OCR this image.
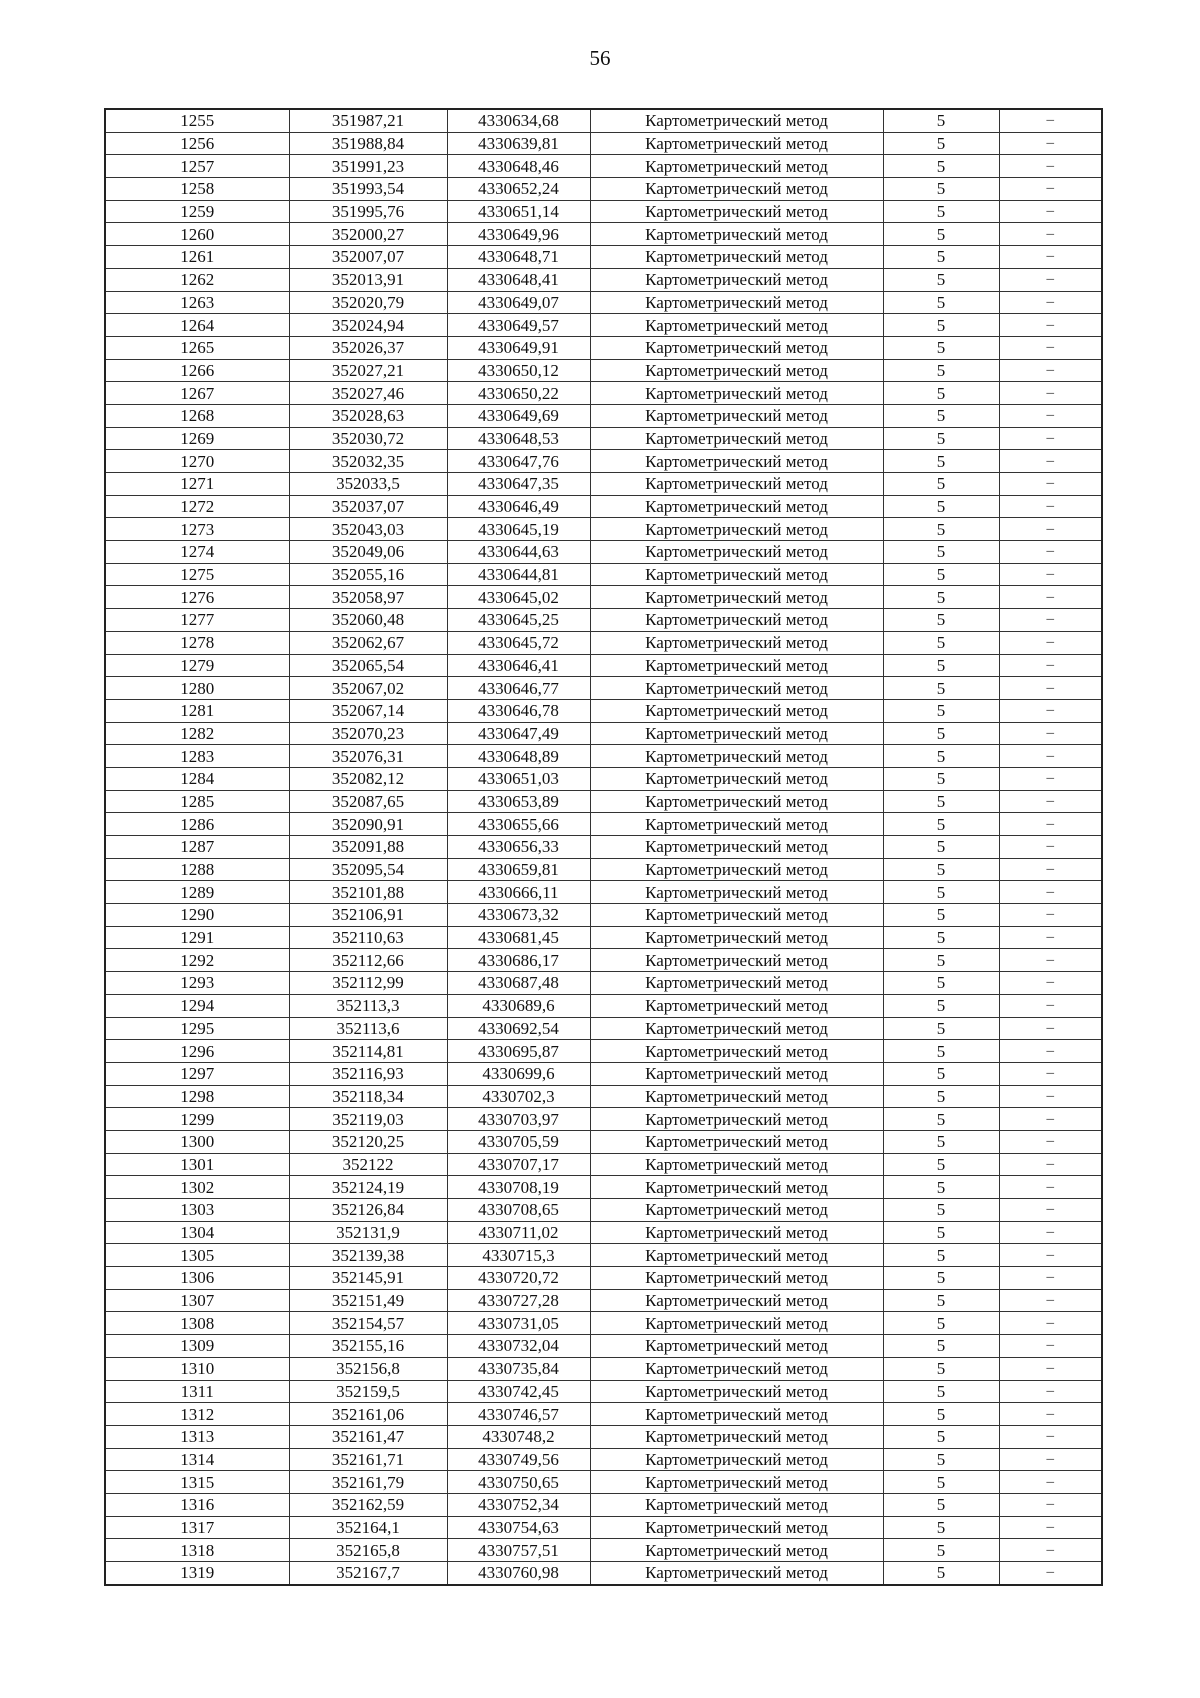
56
1255	351987,21	4330634,68	Картометрический метод	5	–
1256	351988,84	4330639,81	Картометрический метод	5	–
1257	351991,23	4330648,46	Картометрический метод	5	–
1258	351993,54	4330652,24	Картометрический метод	5	–
1259	351995,76	4330651,14	Картометрический метод	5	–
1260	352000,27	4330649,96	Картометрический метод	5	–
1261	352007,07	4330648,71	Картометрический метод	5	–
1262	352013,91	4330648,41	Картометрический метод	5	–
1263	352020,79	4330649,07	Картометрический метод	5	–
1264	352024,94	4330649,57	Картометрический метод	5	–
1265	352026,37	4330649,91	Картометрический метод	5	–
1266	352027,21	4330650,12	Картометрический метод	5	–
1267	352027,46	4330650,22	Картометрический метод	5	–
1268	352028,63	4330649,69	Картометрический метод	5	–
1269	352030,72	4330648,53	Картометрический метод	5	–
1270	352032,35	4330647,76	Картометрический метод	5	–
1271	352033,5	4330647,35	Картометрический метод	5	–
1272	352037,07	4330646,49	Картометрический метод	5	–
1273	352043,03	4330645,19	Картометрический метод	5	–
1274	352049,06	4330644,63	Картометрический метод	5	–
1275	352055,16	4330644,81	Картометрический метод	5	–
1276	352058,97	4330645,02	Картометрический метод	5	–
1277	352060,48	4330645,25	Картометрический метод	5	–
1278	352062,67	4330645,72	Картометрический метод	5	–
1279	352065,54	4330646,41	Картометрический метод	5	–
1280	352067,02	4330646,77	Картометрический метод	5	–
1281	352067,14	4330646,78	Картометрический метод	5	–
1282	352070,23	4330647,49	Картометрический метод	5	–
1283	352076,31	4330648,89	Картометрический метод	5	–
1284	352082,12	4330651,03	Картометрический метод	5	–
1285	352087,65	4330653,89	Картометрический метод	5	–
1286	352090,91	4330655,66	Картометрический метод	5	–
1287	352091,88	4330656,33	Картометрический метод	5	–
1288	352095,54	4330659,81	Картометрический метод	5	–
1289	352101,88	4330666,11	Картометрический метод	5	–
1290	352106,91	4330673,32	Картометрический метод	5	–
1291	352110,63	4330681,45	Картометрический метод	5	–
1292	352112,66	4330686,17	Картометрический метод	5	–
1293	352112,99	4330687,48	Картометрический метод	5	–
1294	352113,3	4330689,6	Картометрический метод	5	–
1295	352113,6	4330692,54	Картометрический метод	5	–
1296	352114,81	4330695,87	Картометрический метод	5	–
1297	352116,93	4330699,6	Картометрический метод	5	–
1298	352118,34	4330702,3	Картометрический метод	5	–
1299	352119,03	4330703,97	Картометрический метод	5	–
1300	352120,25	4330705,59	Картометрический метод	5	–
1301	352122	4330707,17	Картометрический метод	5	–
1302	352124,19	4330708,19	Картометрический метод	5	–
1303	352126,84	4330708,65	Картометрический метод	5	–
1304	352131,9	4330711,02	Картометрический метод	5	–
1305	352139,38	4330715,3	Картометрический метод	5	–
1306	352145,91	4330720,72	Картометрический метод	5	–
1307	352151,49	4330727,28	Картометрический метод	5	–
1308	352154,57	4330731,05	Картометрический метод	5	–
1309	352155,16	4330732,04	Картометрический метод	5	–
1310	352156,8	4330735,84	Картометрический метод	5	–
1311	352159,5	4330742,45	Картометрический метод	5	–
1312	352161,06	4330746,57	Картометрический метод	5	–
1313	352161,47	4330748,2	Картометрический метод	5	–
1314	352161,71	4330749,56	Картометрический метод	5	–
1315	352161,79	4330750,65	Картометрический метод	5	–
1316	352162,59	4330752,34	Картометрический метод	5	–
1317	352164,1	4330754,63	Картометрический метод	5	–
1318	352165,8	4330757,51	Картометрический метод	5	–
1319	352167,7	4330760,98	Картометрический метод	5	–
